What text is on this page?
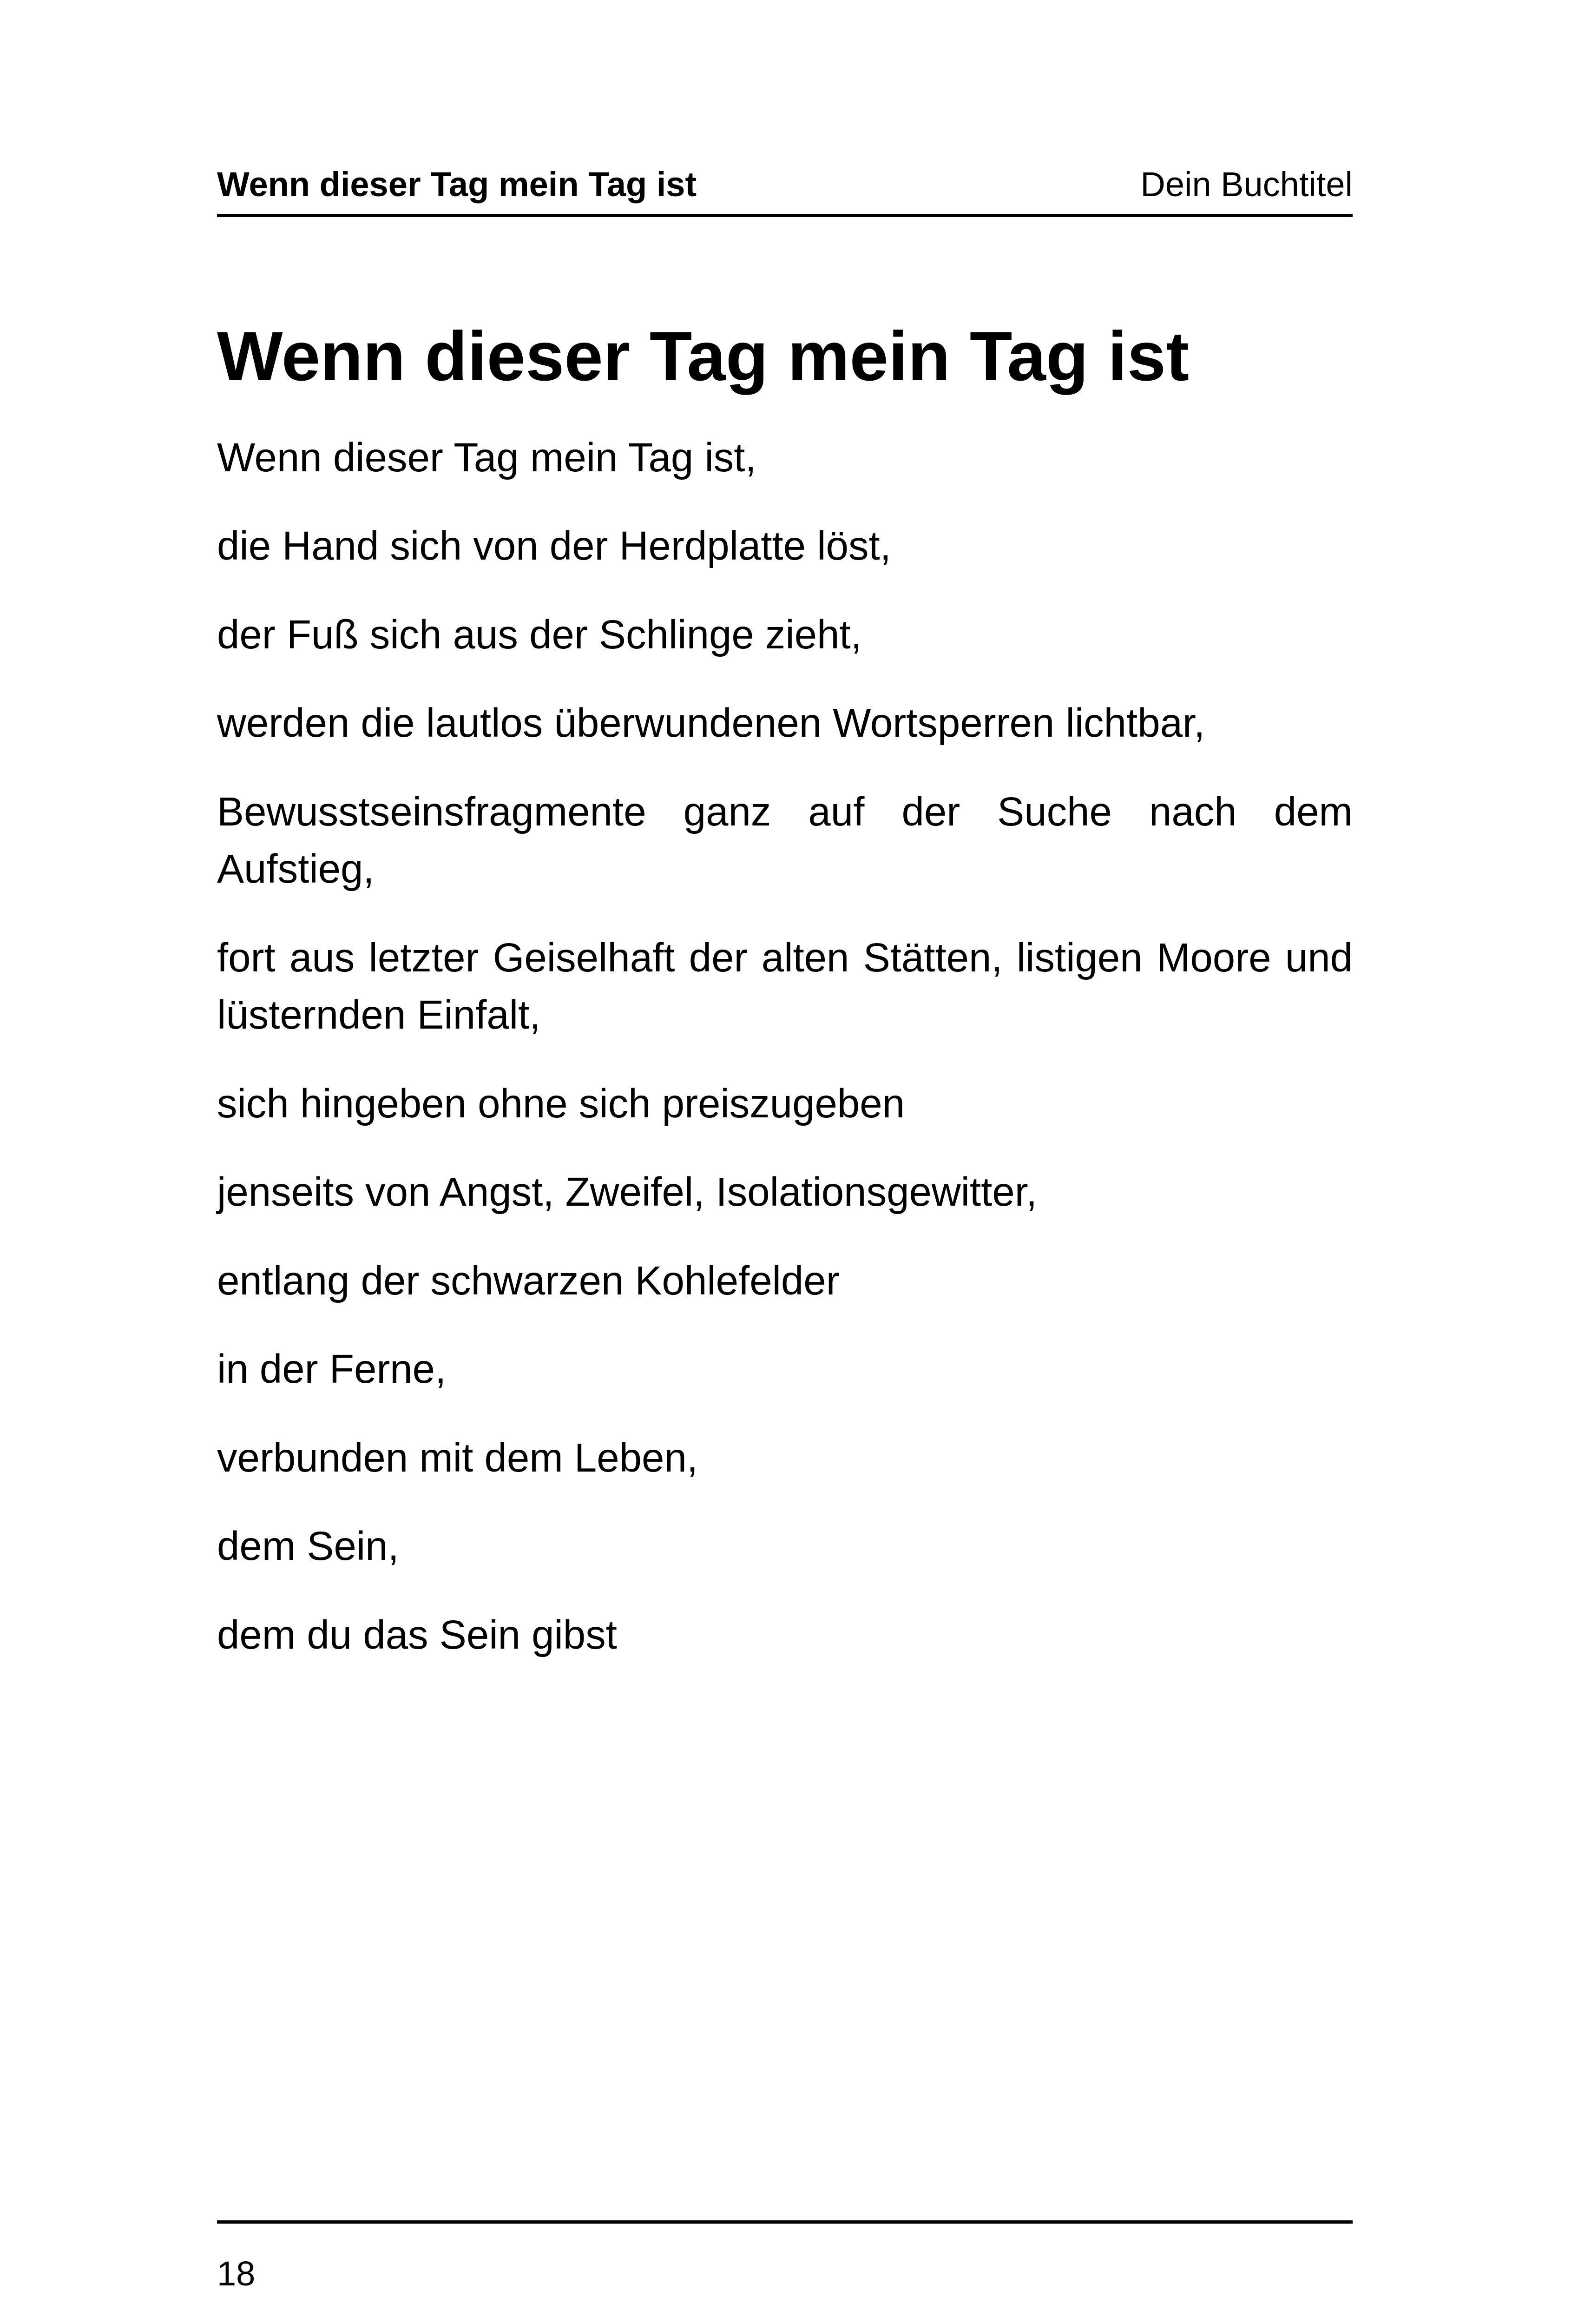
Wenn dieser Tag mein Tag ist	Dein Buchtitel
Wenn dieser Tag mein Tag ist

Wenn dieser Tag mein Tag ist,

die Hand sich von der Herdplatte löst,

der Fuß sich aus der Schlinge zieht,

werden die lautlos überwundenen Wortsperren lichtbar,

Bewusstseinsfragmente ganz auf der Suche nach dem Aufstieg,

fort aus letzter Geiselhaft der alten Stätten, listigen Moore und lüsternden Einfalt,

sich hingeben ohne sich preiszugeben

jenseits von Angst, Zweifel, Isolationsgewitter,

entlang der schwarzen Kohlefelder

in der Ferne,

verbunden mit dem Leben,

dem Sein,

dem du das Sein gibst

18
